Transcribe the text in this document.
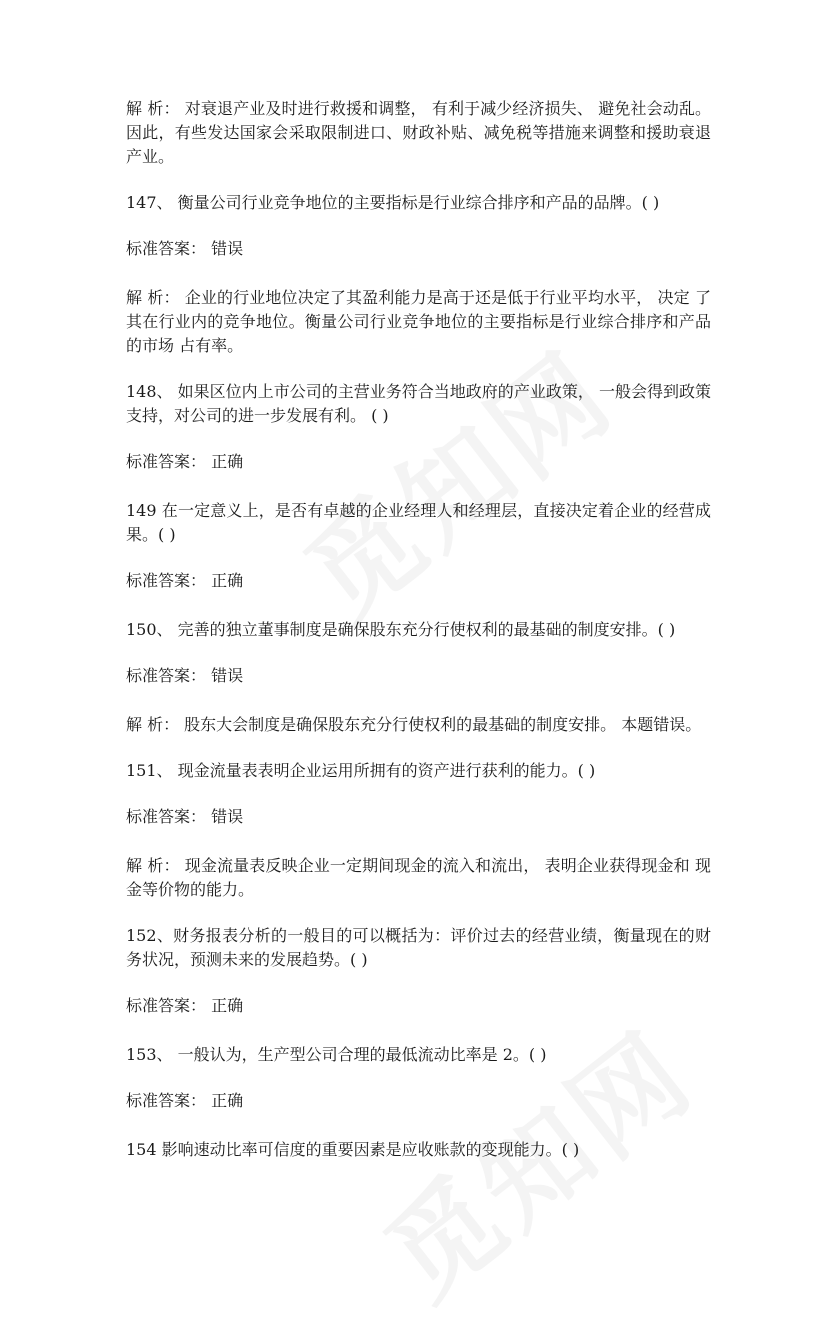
解 析： 对衰退产业及时进行救援和调整， 有利于减少经济损失、 避免社会动乱。 因此，有些发达国家会采取限制进口、财政补贴、减免税等措施来调整和援助衰退产业。

147、 衡量公司行业竞争地位的主要指标是行业综合排序和产品的品牌。( )

标准答案： 错误

解 析： 企业的行业地位决定了其盈利能力是高于还是低于行业平均水平， 决定 了其在行业内的竞争地位。衡量公司行业竞争地位的主要指标是行业综合排序和产品的市场 占有率。

148、 如果区位内上市公司的主营业务符合当地政府的产业政策， 一般会得到政策 支持，对公司的进一步发展有利。 ( )

标准答案： 正确

149 在一定意义上，是否有卓越的企业经理人和经理层，直接决定着企业的经营成果。( )

标准答案： 正确

150、 完善的独立董事制度是确保股东充分行使权利的最基础的制度安排。( )

标准答案： 错误

解 析： 股东大会制度是确保股东充分行使权利的最基础的制度安排。 本题错误。

151、 现金流量表表明企业运用所拥有的资产进行获利的能力。( )

标准答案： 错误

解 析： 现金流量表反映企业一定期间现金的流入和流出， 表明企业获得现金和 现金等价物的能力。

152、财务报表分析的一般目的可以概括为：评价过去的经营业绩，衡量现在的财 务状况，预测未来的发展趋势。( )

标准答案： 正确

153、 一般认为，生产型公司合理的最低流动比率是 2。( )

标准答案： 正确

154 影响速动比率可信度的重要因素是应收账款的变现能力。( )
